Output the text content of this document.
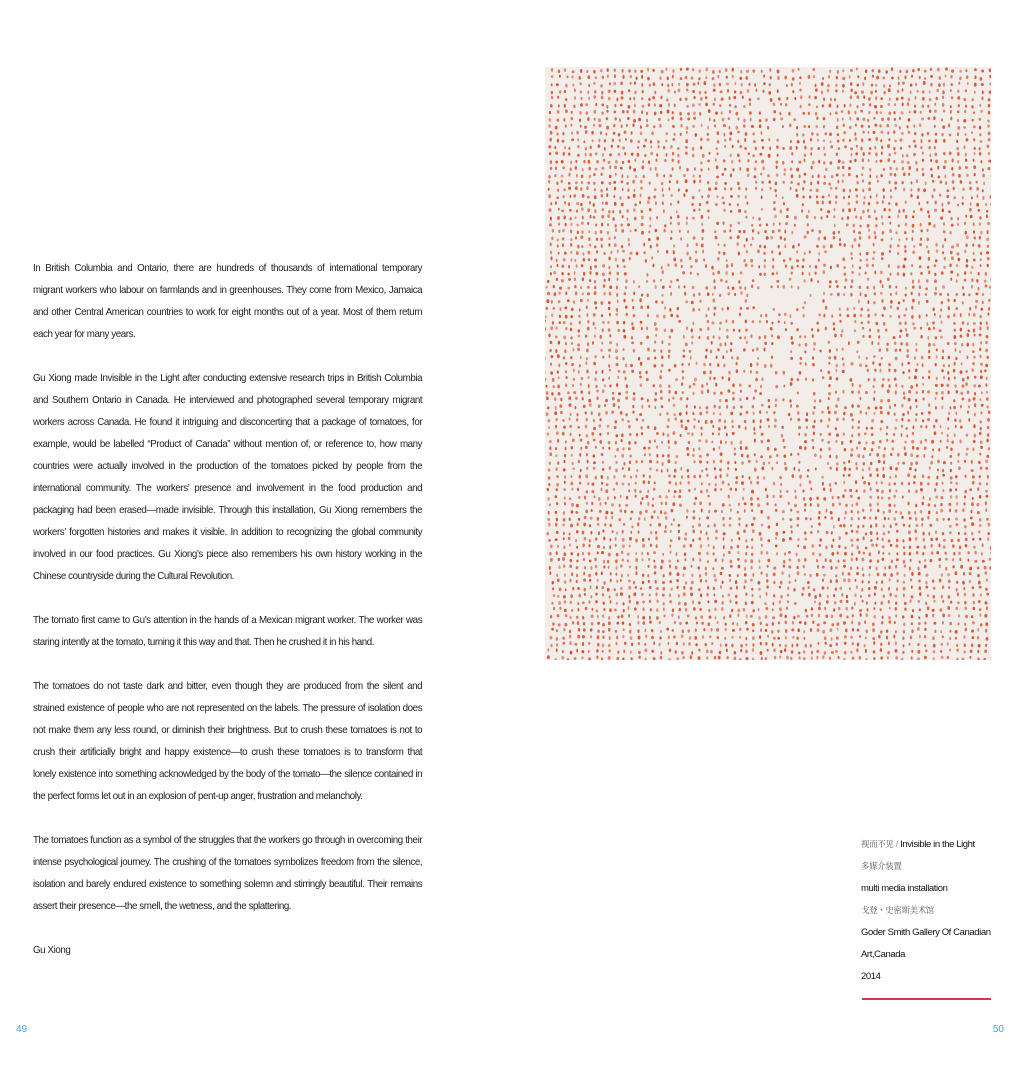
In British Columbia and Ontario, there are hundreds of thousands of international temporary migrant workers who labour on farmlands and in greenhouses. They come from Mexico, Jamaica and other Central American countries to work for eight months out of a year. Most of them return each year for many years.

Gu Xiong made Invisible in the Light after conducting extensive research trips in British Columbia and Southern Ontario in Canada. He interviewed and photographed several temporary migrant workers across Canada. He found it intriguing and disconcerting that a package of tomatoes, for example, would be labelled “Product of Canada” without mention of, or reference to, how many countries were actually involved in the production of the tomatoes picked by people from the international community. The workers’ presence and involvement in the food production and packaging had been erased—made invisible. Through this installation, Gu Xiong remembers the workers’ forgotten histories and makes it visible. In addition to recognizing the global community involved in our food practices. Gu Xiong’s piece also remembers his own history working in the Chinese countryside during the Cultural Revolution.

The tomato first came to Gu’s attention in the hands of a Mexican migrant worker. The worker was staring intently at the tomato, turning it this way and that. Then he crushed it in his hand.

The tomatoes do not taste dark and bitter, even though they are produced from the silent and strained existence of people who are not represented on the labels. The pressure of isolation does not make them any less round, or diminish their brightness. But to crush these tomatoes is not to crush their artificially bright and happy existence—to crush these tomatoes is to transform that lonely existence into something acknowledged by the body of the tomato—the silence contained in the perfect forms let out in an explosion of pent-up anger, frustration and melancholy.

The tomatoes function as a symbol of the struggles that the workers go through in overcoming their intense psychological journey. The crushing of the tomatoes symbolizes freedom from the silence, isolation and barely endured existence to something solemn and stirringly beautiful. Their remains assert their presence—the smell, the wetness, and the splattering.

Gu Xiong

49
视而不见 / Invisible in the Light
多媒介装置
multi media installation
戈登・史密斯美术馆
Goder Smith Gallery Of Canadian Art,Canada
2014
50
